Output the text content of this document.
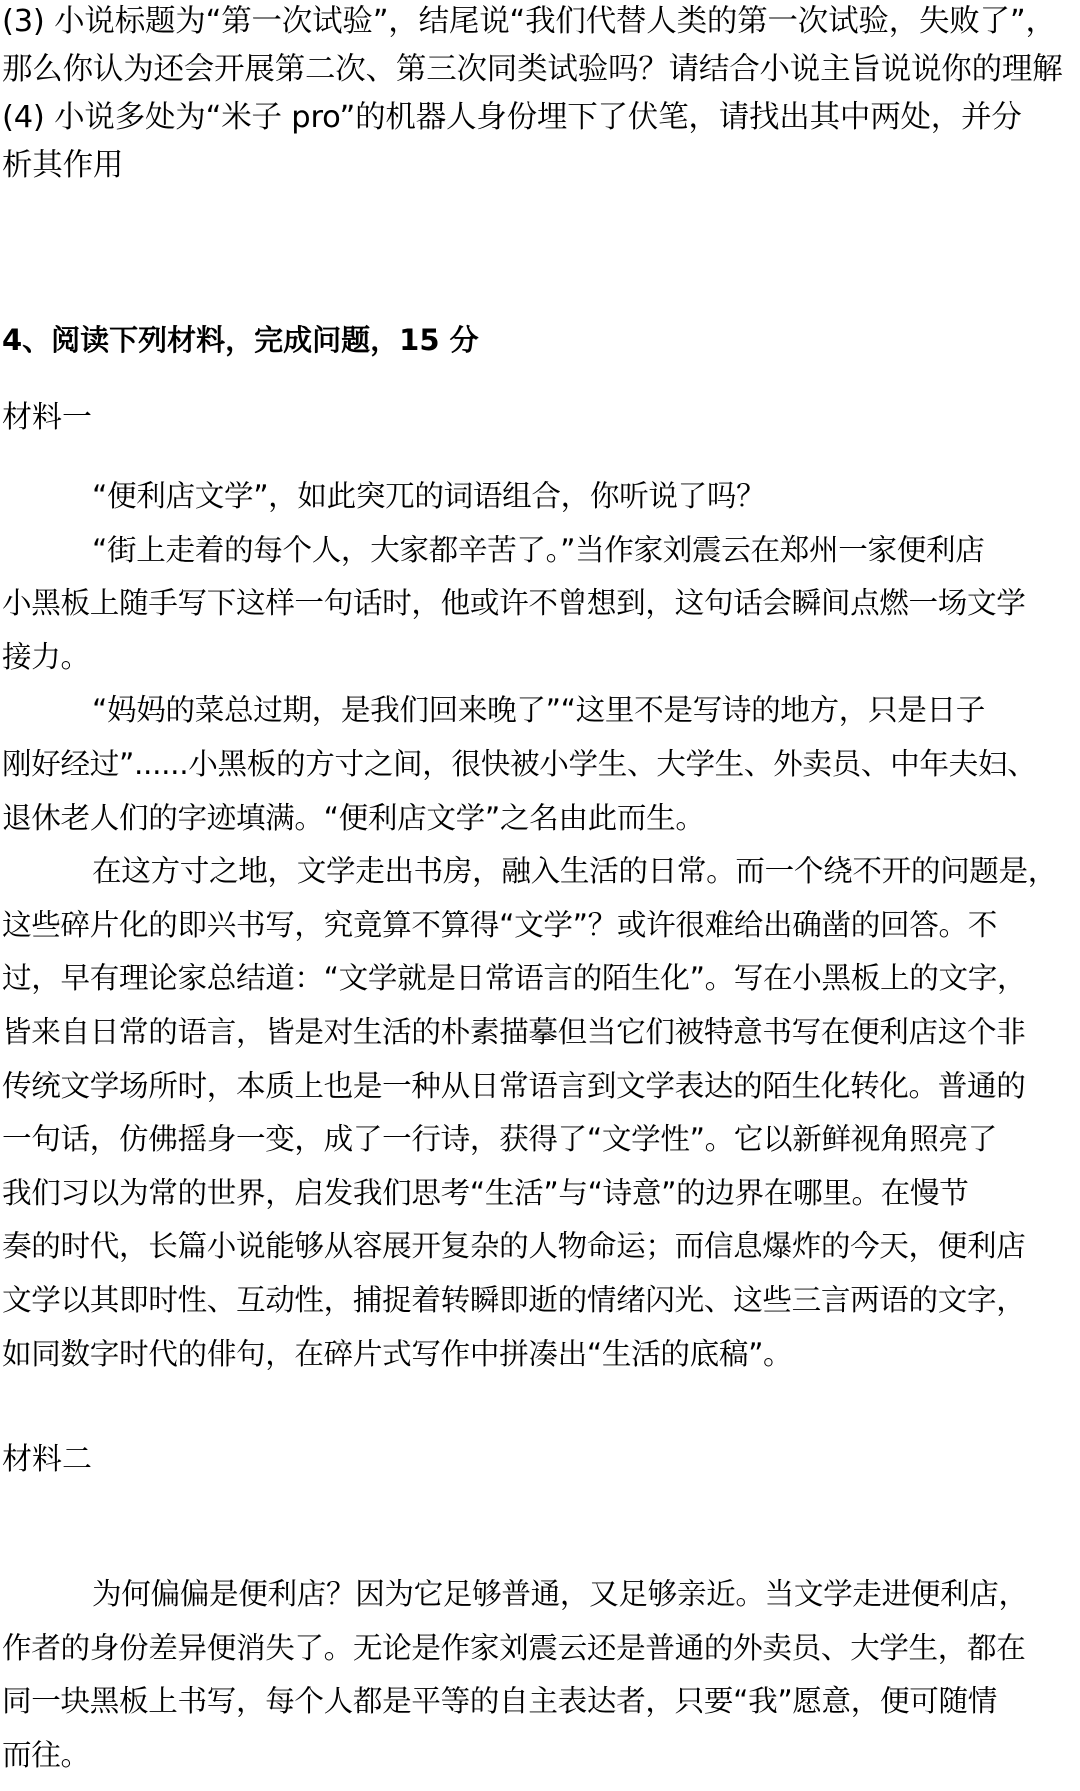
(3) 小说标题为“第一次试验”，结尾说“我们代替人类的第一次试验，失败了”，
那么你认为还会开展第二次、第三次同类试验吗？请结合小说主旨说说你的理解
(4) 小说多处为“米子 pro”的机器人身份埋下了伏笔，请找出其中两处，并分
析其作用
4、阅读下列材料，完成问题，15 分
材料一
“便利店文学”，如此突兀的词语组合，你听说了吗？
“街上走着的每个人，大家都辛苦了。”当作家刘震云在郑州一家便利店
小黑板上随手写下这样一句话时，他或许不曾想到，这句话会瞬间点燃一场文学
接力。
“妈妈的菜总过期，是我们回来晚了”“这里不是写诗的地方，只是日子
刚好经过”......小黑板的方寸之间，很快被小学生、大学生、外卖员、中年夫妇、
退休老人们的字迹填满。“便利店文学”之名由此而生。
在这方寸之地，文学走出书房，融入生活的日常。而一个绕不开的问题是，
这些碎片化的即兴书写，究竟算不算得“文学”？或许很难给出确凿的回答。不
过，早有理论家总结道：“文学就是日常语言的陌生化”。写在小黑板上的文字，
皆来自日常的语言，皆是对生活的朴素描摹但当它们被特意书写在便利店这个非
传统文学场所时，本质上也是一种从日常语言到文学表达的陌生化转化。普通的
一句话，仿佛摇身一变，成了一行诗，获得了“文学性”。它以新鲜视角照亮了
我们习以为常的世界，启发我们思考“生活”与“诗意”的边界在哪里。在慢节
奏的时代，长篇小说能够从容展开复杂的人物命运；而信息爆炸的今天，便利店
文学以其即时性、互动性，捕捉着转瞬即逝的情绪闪光、这些三言两语的文字，
如同数字时代的俳句，在碎片式写作中拼凑出“生活的底稿”。
材料二
为何偏偏是便利店？因为它足够普通，又足够亲近。当文学走进便利店，
作者的身份差异便消失了。无论是作家刘震云还是普通的外卖员、大学生，都在
同一块黑板上书写，每个人都是平等的自主表达者，只要“我”愿意，便可随情
而往。
